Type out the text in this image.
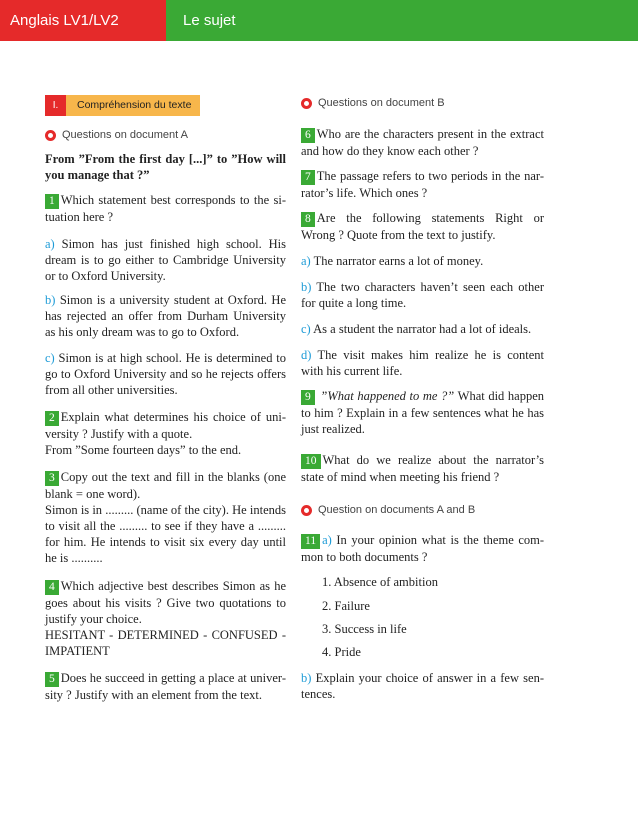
Anglais LV1/LV2	Le sujet
I.	Compréhension du texte
Questions on document A
From ”From the first day [...]” to ”How will
you manage that ?”
1 Which statement best corresponds to the si-
tuation here ?
a) Simon has just finished high school. His
dream is to go either to Cambridge University
or to Oxford University.
b) Simon is a university student at Oxford. He
has rejected an offer from Durham University
as his only dream was to go to Oxford.
c) Simon is at high school. He is determined to
go to Oxford University and so he rejects offers
from all other universities.
2 Explain what determines his choice of uni-
versity ? Justify with a quote.
From ”Some fourteen days” to the end.
3 Copy out the text and fill in the blanks (one
blank = one word).
Simon is in ......... (name of the city). He intends
to visit all the ......... to see if they have a .........
for him. He intends to visit six every day until
he is ..........
4 Which adjective best describes Simon as he
goes about his visits ? Give two quotations to
justify your choice.
HESITANT - DETERMINED - CONFUSED -
IMPATIENT
5 Does he succeed in getting a place at univer-
sity ? Justify with an element from the text.
Questions on document B
6 Who are the characters present in the extract
and how do they know each other ?
7 The passage refers to two periods in the nar-
rator’s life. Which ones ?
8 Are the following statements Right or
Wrong ? Quote from the text to justify.
a) The narrator earns a lot of money.
b) The two characters haven’t seen each other
for quite a long time.
c) As a student the narrator had a lot of ideals.
d) The visit makes him realize he is content
with his current life.
9 ”What happened to me ?” What did happen
to him ? Explain in a few sentences what he has
just realized.
10 What do we realize about the narrator’s
state of mind when meeting his friend ?
Question on documents A and B
11 a) In your opinion what is the theme com-
mon to both documents ?
1. Absence of ambition
2. Failure
3. Success in life
4. Pride
b) Explain your choice of answer in a few sen-
tences.
